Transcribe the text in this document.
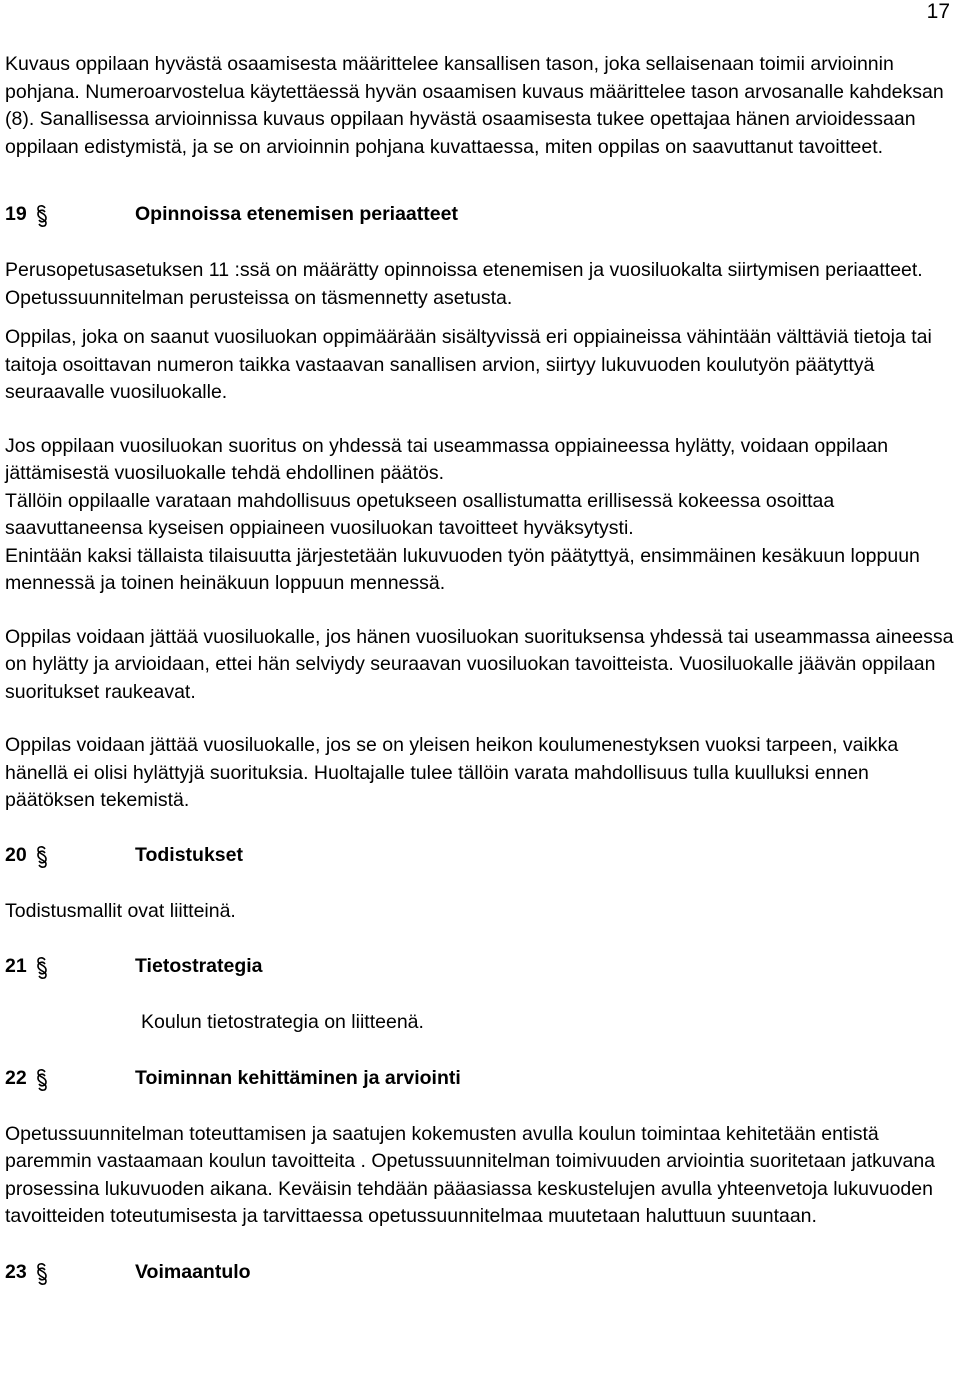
17

Kuvaus oppilaan hyvästä osaamisesta määrittelee kansallisen tason, joka sellaisenaan toimii arvioinnin pohjana. Numeroarvostelua käytettäessä hyvän osaamisen kuvaus määrittelee tason arvosanalle kahdeksan (8). Sanallisessa arvioinnissa kuvaus oppilaan hyvästä osaamisesta tukee opettajaa hänen arvioidessaan oppilaan edistymistä, ja se on arvioinnin pohjana kuvattaessa, miten oppilas on saavuttanut tavoitteet.

19	Opinnoissa etenemisen periaatteet

Perusopetusasetuksen 11 :ssä on määrätty opinnoissa etenemisen ja vuosiluokalta siirtymisen periaatteet. Opetussuunnitelman perusteissa on täsmennetty asetusta.

Oppilas, joka on saanut vuosiluokan oppimäärään sisältyvissä eri oppiaineissa vähintään välttäviä tietoja tai taitoja osoittavan numeron taikka vastaavan sanallisen arvion, siirtyy lukuvuoden koulutyön päätyttyä seuraavalle vuosiluokalle.

Jos oppilaan vuosiluokan suoritus on yhdessä tai useammassa oppiaineessa hylätty, voidaan oppilaan jättämisestä vuosiluokalle tehdä ehdollinen päätös.

Tällöin oppilaalle varataan mahdollisuus opetukseen osallistumatta erillisessä kokeessa osoittaa saavuttaneensa kyseisen oppiaineen vuosiluokan tavoitteet hyväksytysti.

Enintään kaksi tällaista tilaisuutta järjestetään lukuvuoden työn päätyttyä, ensimmäinen kesäkuun loppuun mennessä ja toinen heinäkuun loppuun mennessä.

Oppilas voidaan jättää vuosiluokalle, jos hänen vuosiluokan suorituksensa yhdessä tai useammassa aineessa on hylätty ja arvioidaan, ettei hän selviydy seuraavan vuosiluokan tavoitteista. Vuosiluokalle jäävän oppilaan suoritukset raukeavat.

Oppilas voidaan jättää vuosiluokalle, jos se on yleisen heikon koulumenestyksen vuoksi tarpeen, vaikka hänellä ei olisi hylättyjä suorituksia. Huoltajalle tulee tällöin varata mahdollisuus tulla kuulluksi ennen päätöksen tekemistä.

20	Todistukset

Todistusmallit ovat liitteinä.

21	Tietostrategia

Koulun tietostrategia on liitteenä.

22	Toiminnan kehittäminen ja arviointi

Opetussuunnitelman toteuttamisen ja saatujen kokemusten avulla koulun toimintaa kehitetään entistä paremmin vastaamaan koulun tavoitteita . Opetussuunnitelman toimivuuden arviointia suoritetaan jatkuvana prosessina lukuvuoden aikana. Keväisin tehdään pääasiassa keskustelujen avulla yhteenvetoja lukuvuoden tavoitteiden toteutumisesta ja tarvittaessa opetussuunnitelmaa muutetaan haluttuun suuntaan.

23	Voimaantulo
